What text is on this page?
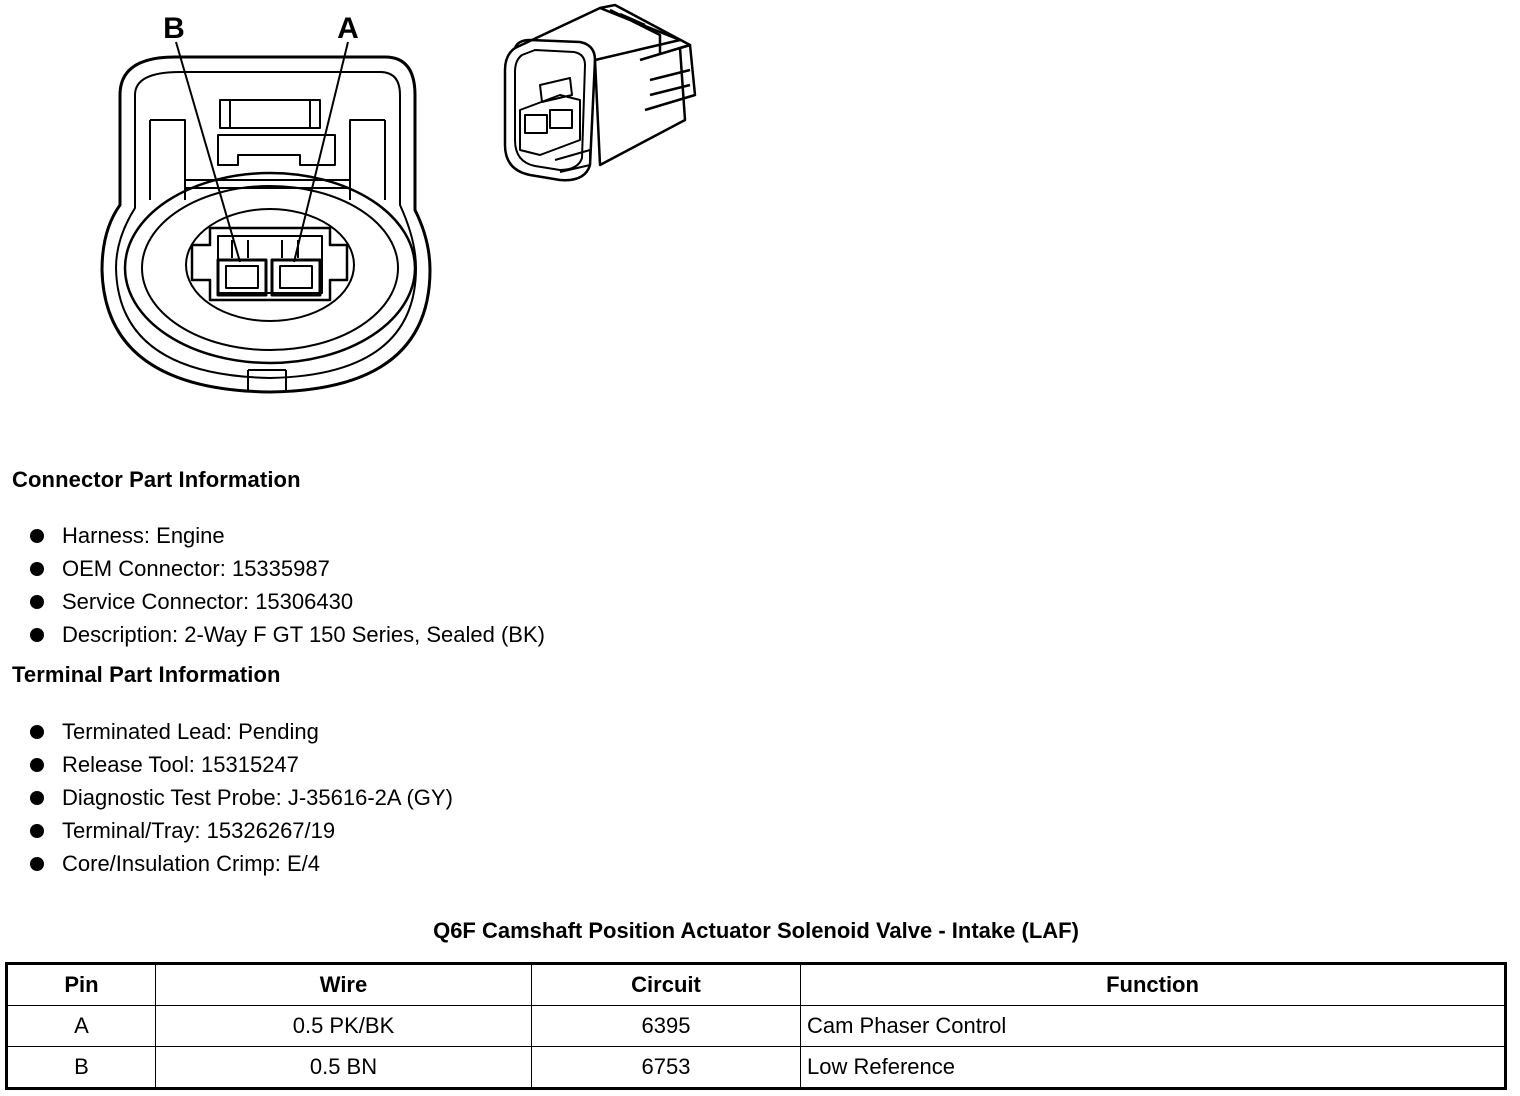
B	A
Connector Part Information
Harness: Engine
OEM Connector: 15335987
Service Connector: 15306430
Description: 2-Way F GT 150 Series, Sealed (BK)
Terminal Part Information
Terminated Lead: Pending
Release Tool: 15315247
Diagnostic Test Probe: J-35616-2A (GY)
Terminal/Tray: 15326267/19
Core/Insulation Crimp: E/4
Q6F Camshaft Position Actuator Solenoid Valve - Intake (LAF)
Pin	Wire	Circuit	Function
A	0.5 PK/BK	6395	Cam Phaser Control
B	0.5 BN	6753	Low Reference
